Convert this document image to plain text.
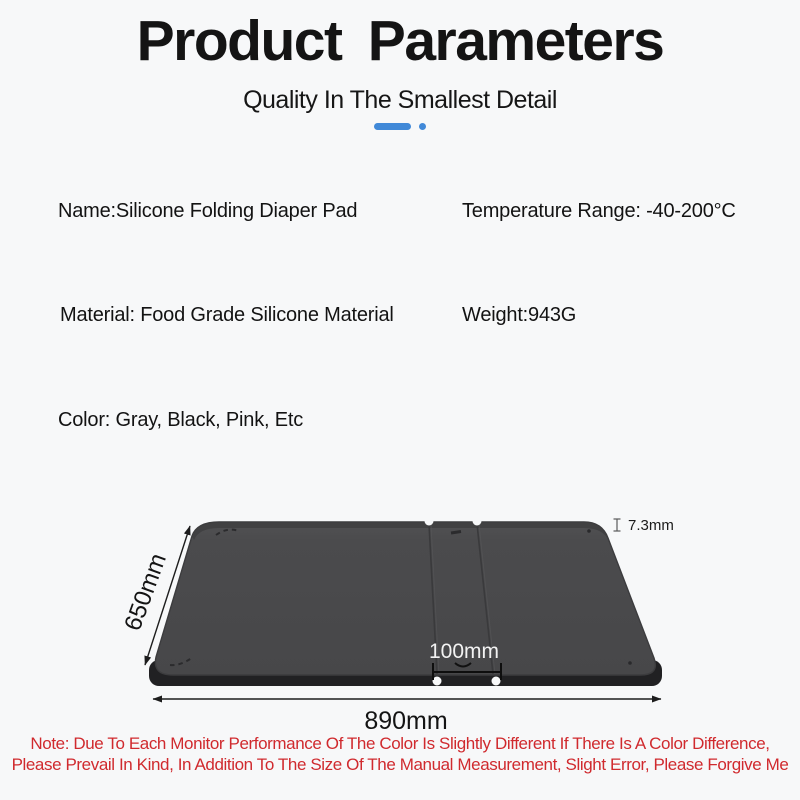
Product Parameters
Quality In The Smallest Detail
Name:Silicone Folding Diaper Pad	Temperature Range: -40-200°C
Material: Food Grade Silicone Material	Weight:943G
Color: Gray, Black, Pink, Etc
650mm
7.3mm
100mm
890mm
Note: Due To Each Monitor Performance Of The Color Is Slightly Different If There Is A Color Difference,
Please Prevail In Kind, In Addition To The Size Of The Manual Measurement, Slight Error, Please Forgive Me
